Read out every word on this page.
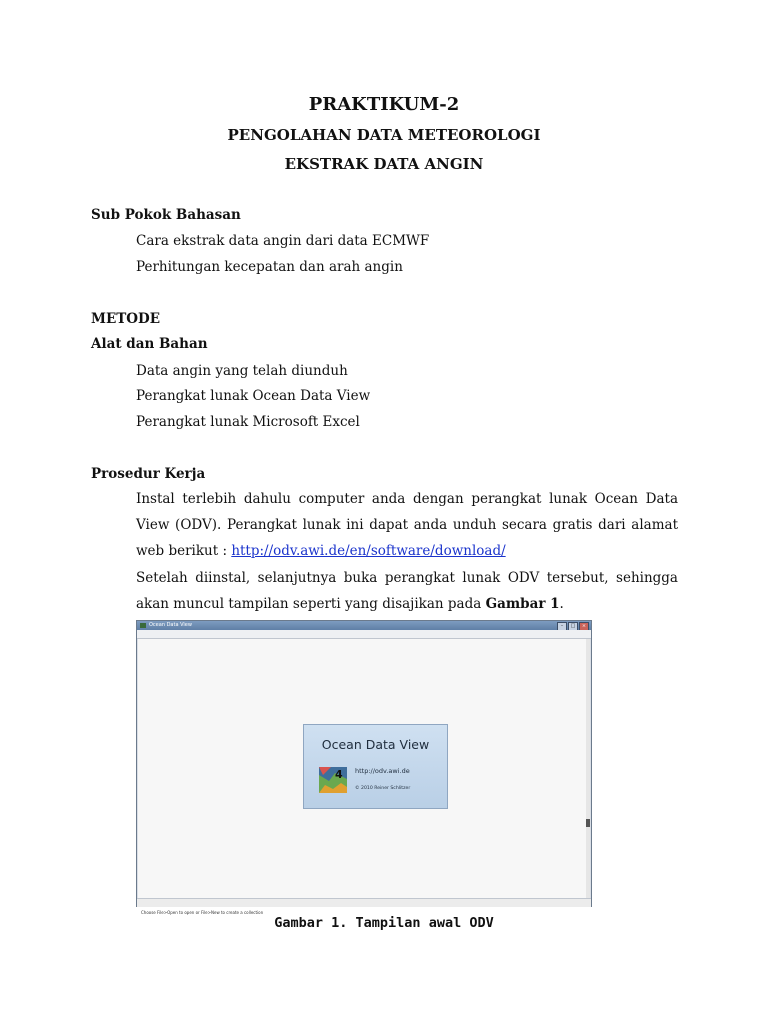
PRAKTIKUM-2
PENGOLAHAN DATA METEOROLOGI
EKSTRAK DATA ANGIN
Sub Pokok Bahasan
Cara ekstrak data angin dari data ECMWF
Perhitungan kecepatan dan arah angin
METODE
Alat dan Bahan
Data angin yang telah diunduh
Perangkat lunak Ocean Data View
Perangkat lunak Microsoft Excel
Prosedur Kerja
Instal terlebih dahulu computer anda dengan perangkat lunak Ocean Data View (ODV). Perangkat lunak ini dapat anda unduh secara gratis dari alamat web berikut : http://odv.awi.de/en/software/download/
Setelah diinstal, selanjutnya buka perangkat lunak ODV tersebut, sehingga akan muncul tampilan seperti yang disajikan pada Gambar 1.
Ocean Data View	–	□	×
Ocean Data View
4 http://odv.awi.de
© 2010 Reiner Schlitzer
Choose File>Open to open or File>New to create a collection
Gambar 1. Tampilan awal ODV
